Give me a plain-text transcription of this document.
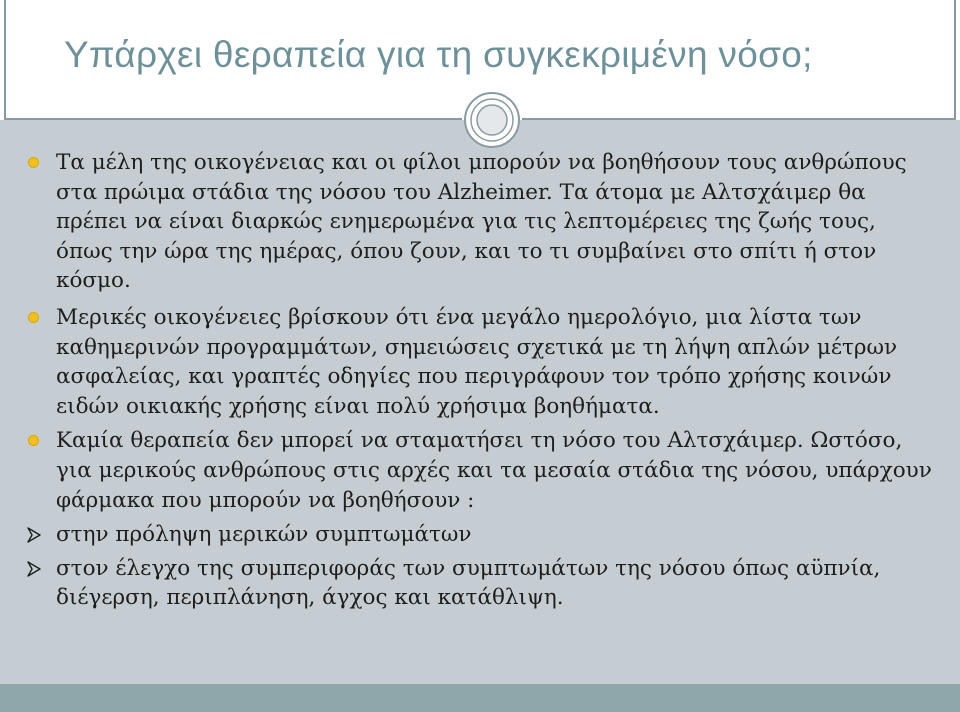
Υπάρχει θεραπεία για τη συγκεκριμένη νόσο;
Τα μέλη της οικογένειας και οι φίλοι μπορούν να βοηθήσουν τους ανθρώπους στα πρώιμα στάδια της νόσου του Alzheimer. Τα άτομα με Αλτσχάιμερ θα πρέπει να είναι διαρκώς ενημερωμένα για τις λεπτομέρειες της ζωής τους, όπως την ώρα της ημέρας, όπου ζουν, και το τι συμβαίνει στο σπίτι ή στον κόσμο.
Μερικές οικογένειες βρίσκουν ότι ένα μεγάλο ημερολόγιο, μια λίστα των καθημερινών προγραμμάτων, σημειώσεις σχετικά με τη λήψη απλών μέτρων ασφαλείας, και γραπτές οδηγίες που περιγράφουν τον τρόπο χρήσης κοινών ειδών οικιακής χρήσης είναι πολύ χρήσιμα βοηθήματα.
Καμία θεραπεία δεν μπορεί να σταματήσει τη νόσο του Αλτσχάιμερ. Ωστόσο, για μερικούς ανθρώπους στις αρχές και τα μεσαία στάδια της νόσου, υπάρχουν φάρμακα που μπορούν να βοηθήσουν :
στην πρόληψη μερικών συμπτωμάτων
στον έλεγχο της συμπεριφοράς των συμπτωμάτων της νόσου όπως αϋπνία, διέγερση, περιπλάνηση, άγχος και κατάθλιψη.
